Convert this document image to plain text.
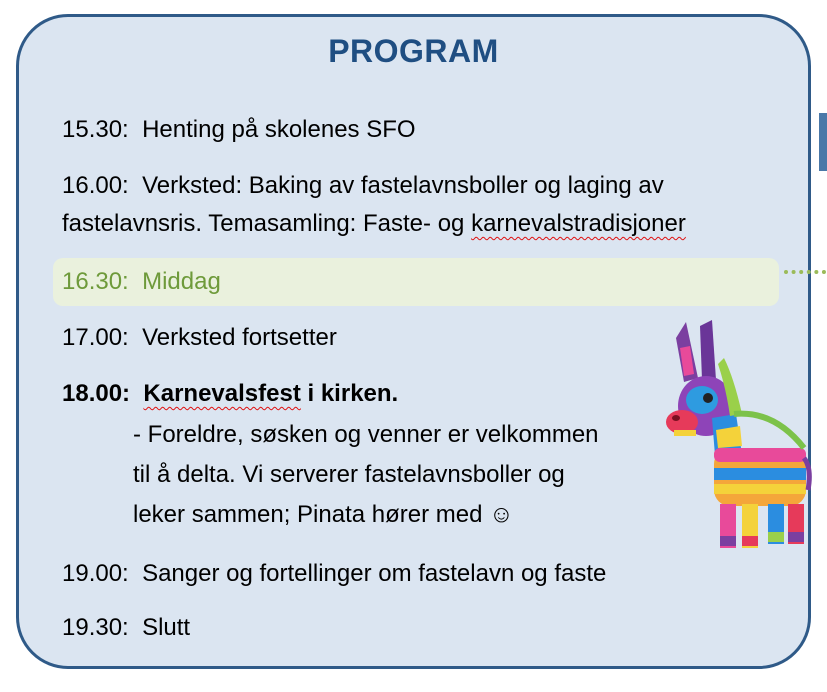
PROGRAM
15.30: Henting på skolenes SFO
16.00: Verksted: Baking av fastelavnsboller og laging av
fastelavnsris. Temasamling: Faste- og karnevalstradisjoner
16.30: Middag
17.00: Verksted fortsetter
18.00: Karnevalsfest i kirken.
- Foreldre, søsken og venner er velkommen
til å delta. Vi serverer fastelavnsboller og
leker sammen; Pinata hører med ☺
19.00: Sanger og fortellinger om fastelavn og faste
19.30: Slutt
